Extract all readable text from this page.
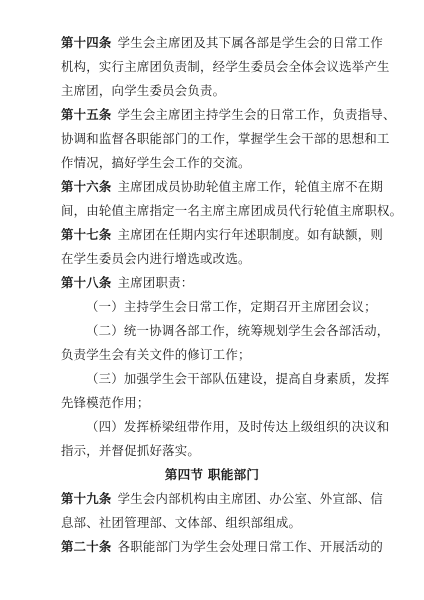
第十四条 学生会主席团及其下属各部是学生会的日常工作
机构，实行主席团负责制，经学生委员会全体会议选举产生
主席团，向学生委员会负责。
第十五条 学生会主席团主持学生会的日常工作，负责指导、
协调和监督各职能部门的工作，掌握学生会干部的思想和工
作情况，搞好学生会工作的交流。
第十六条 主席团成员协助轮值主席工作，轮值主席不在期
间，由轮值主席指定一名主席主席团成员代行轮值主席职权。
第十七条 主席团在任期内实行年述职制度。如有缺额，则
在学生委员会内进行增选或改选。
第十八条 主席团职责：
（一）主持学生会日常工作，定期召开主席团会议；
（二）统一协调各部工作，统筹规划学生会各部活动，
负责学生会有关文件的修订工作；
（三）加强学生会干部队伍建设，提高自身素质，发挥
先锋模范作用；
（四）发挥桥梁纽带作用，及时传达上级组织的决议和
指示，并督促抓好落实。
第四节 职能部门
第十九条 学生会内部机构由主席团、办公室、外宣部、信
息部、社团管理部、文体部、组织部组成。
第二十条 各职能部门为学生会处理日常工作、开展活动的
